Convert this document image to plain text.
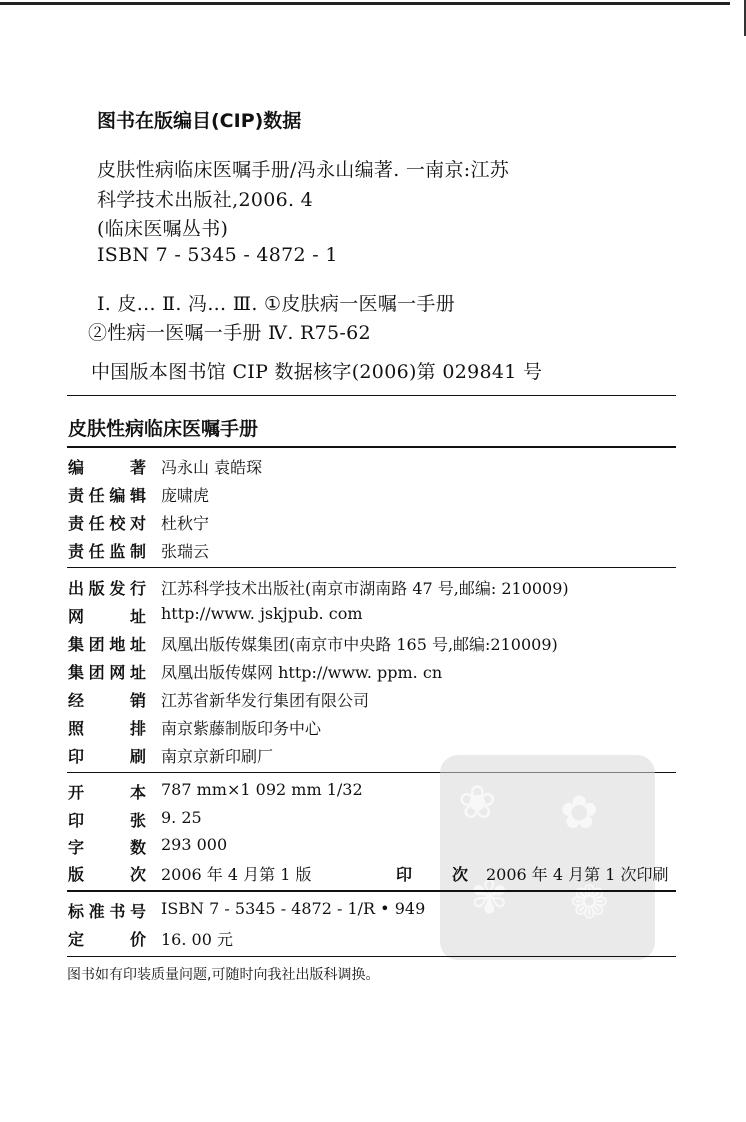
图书在版编目(CIP)数据
皮肤性病临床医嘱手册/冯永山编著. 一南京:江苏
科学技术出版社,2006. 4
(临床医嘱丛书)
ISBN 7 - 5345 - 4872 - 1
Ⅰ. 皮... Ⅱ. 冯... Ⅲ. ①皮肤病一医嘱一手册
②性病一医嘱一手册 Ⅳ. R75-62
中国版本图书馆 CIP 数据核字(2006)第 029841 号
皮肤性病临床医嘱手册
编著 冯永山 袁皓琛
责任编辑 庞啸虎
责任校对 杜秋宁
责任监制 张瑞云
出版发行 江苏科学技术出版社(南京市湖南路 47 号,邮编: 210009)
网址 http://www. jskjpub. com
集团地址 凤凰出版传媒集团(南京市中央路 165 号,邮编:210009)
集团网址 凤凰出版传媒网 http://www. ppm. cn
经销 江苏省新华发行集团有限公司
照排 南京紫藤制版印务中心
印刷 南京京新印刷厂
❀ ✿
✾ ❁
开本 787 mm×1 092 mm 1/32
印张 9. 25
字数 293 000
版次 2006 年 4 月第 1 版	印次 2006 年 4 月第 1 次印刷
标准书号 ISBN 7 - 5345 - 4872 - 1/R • 949
定价 16. 00 元
图书如有印装质量问题,可随时向我社出版科调换。
